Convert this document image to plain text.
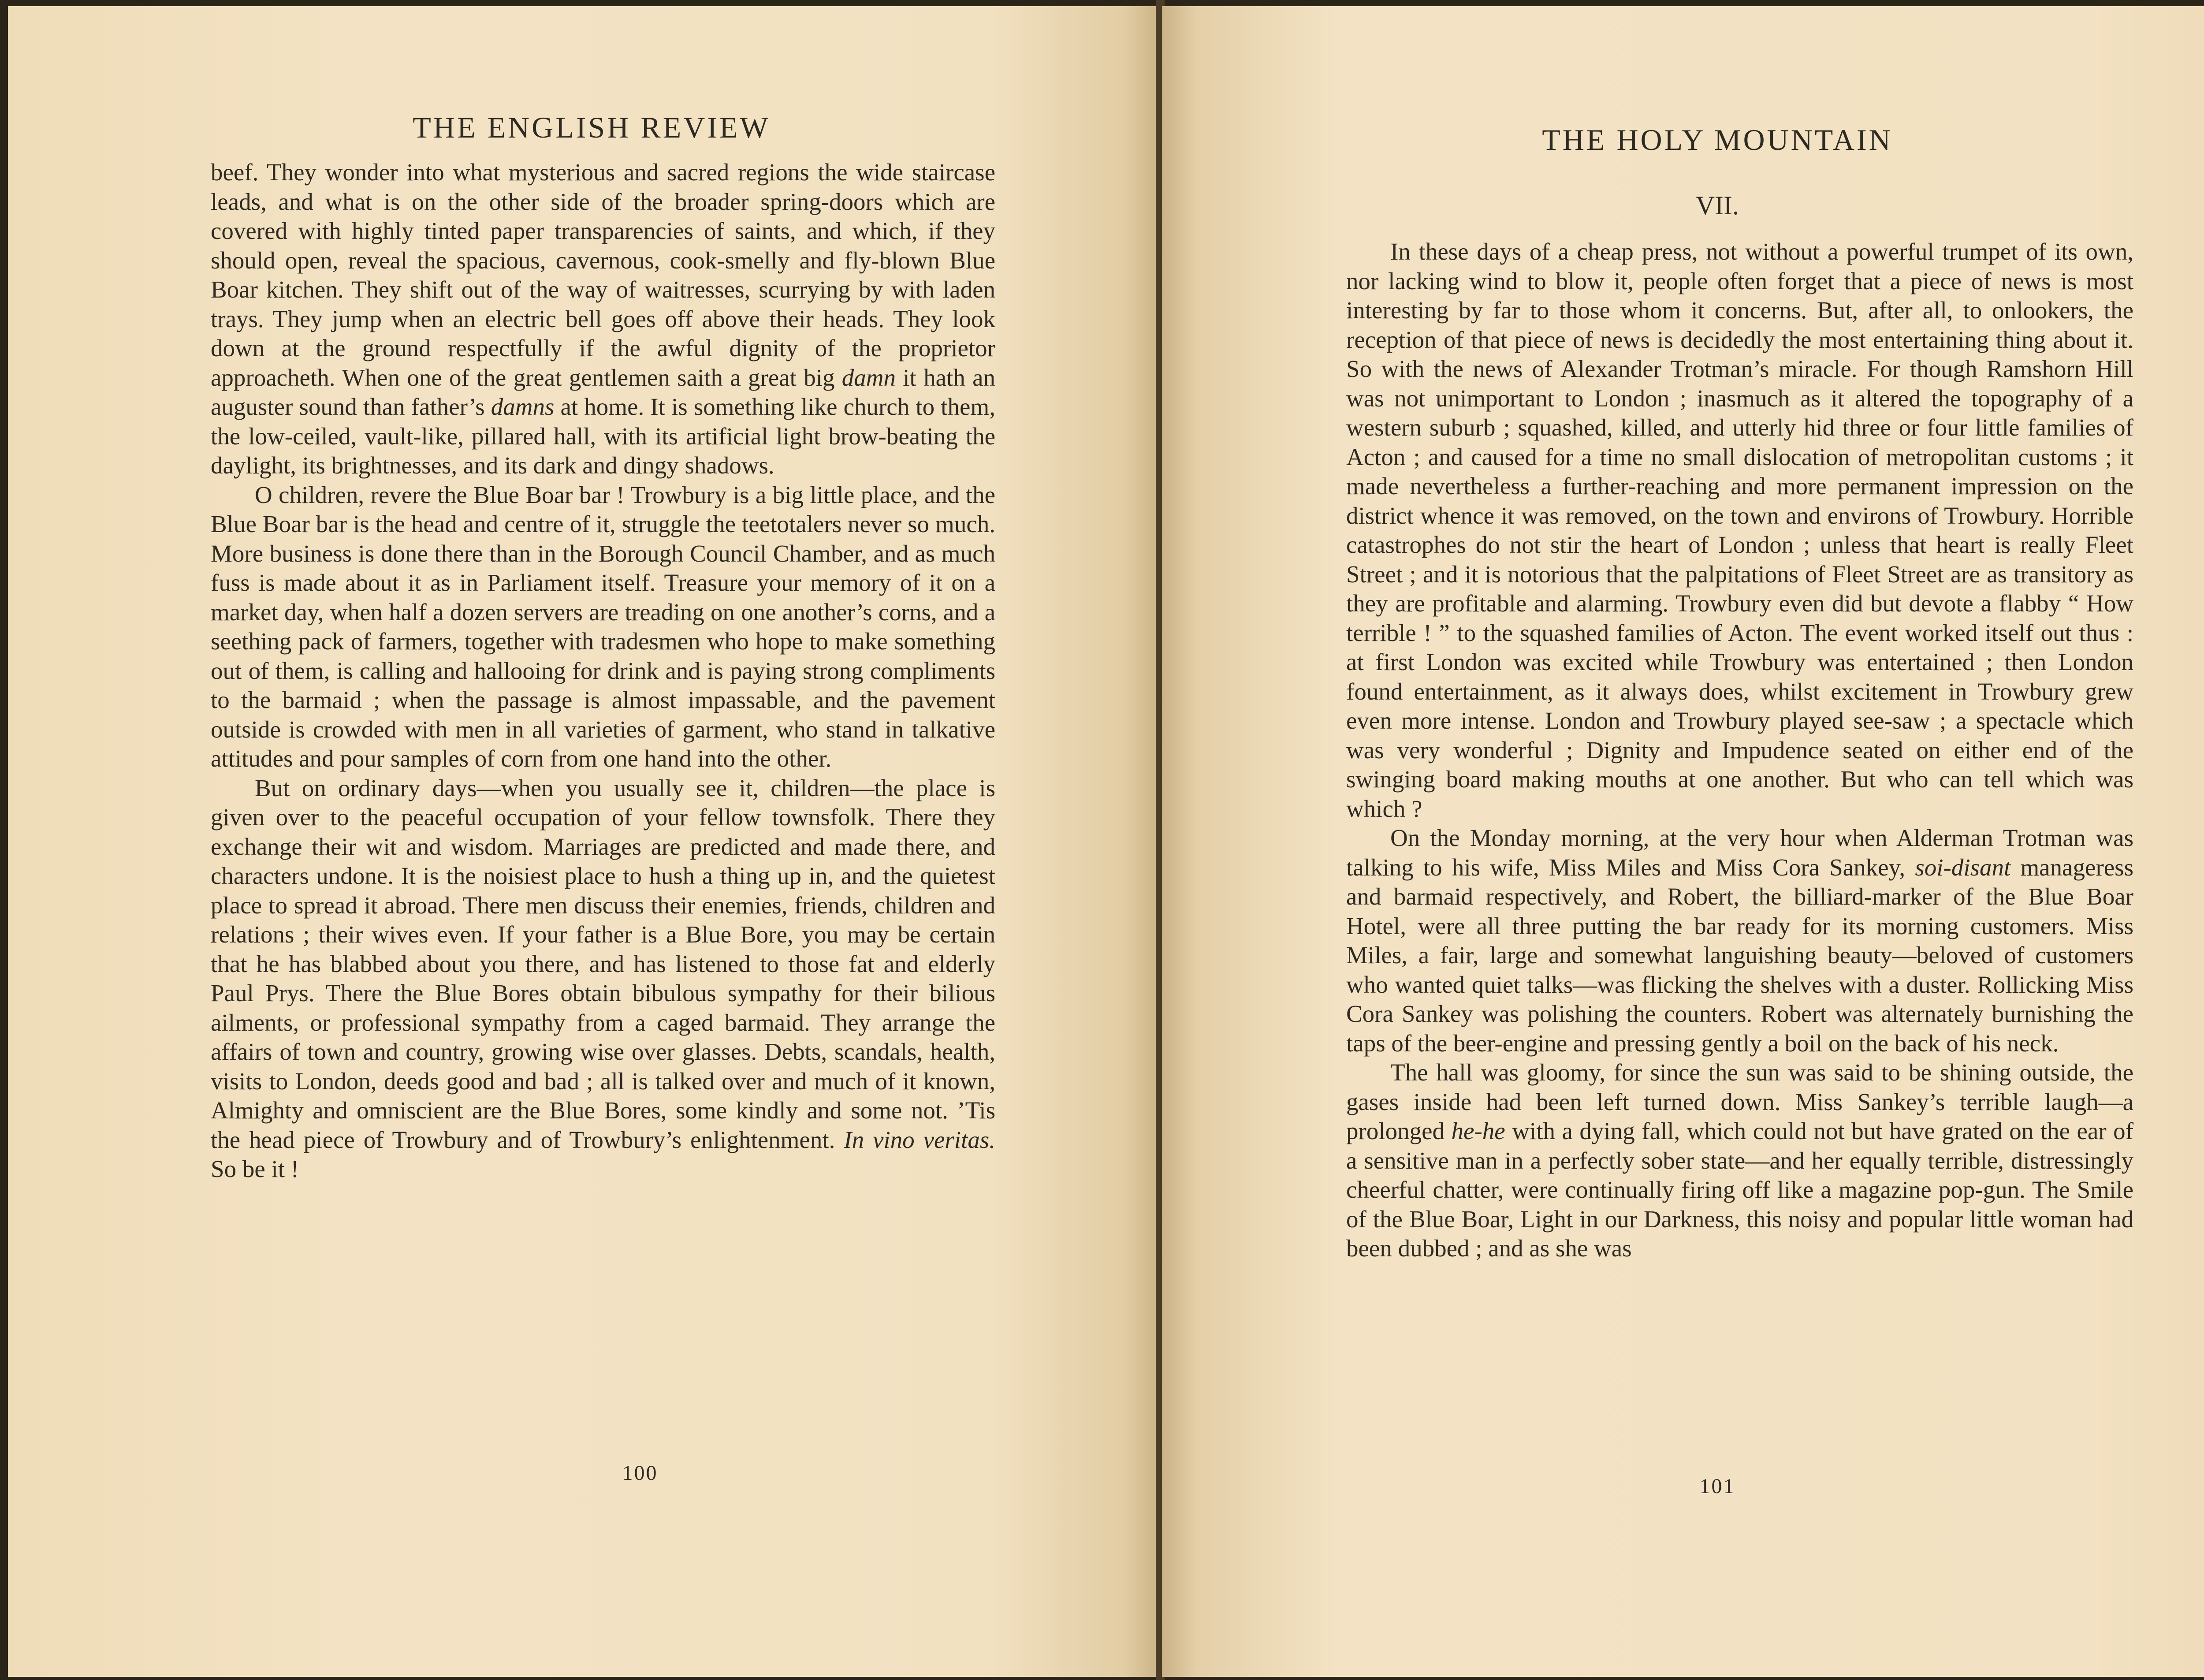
THE ENGLISH REVIEW

beef. They wonder into what mysterious and sacred regions the wide staircase leads, and what is on the other side of the broader spring-doors which are covered with highly tinted paper transparencies of saints, and which, if they should open, reveal the spacious, cavernous, cook-smelly and fly-blown Blue Boar kitchen. They shift out of the way of waitresses, scurrying by with laden trays. They jump when an electric bell goes off above their heads. They look down at the ground respectfully if the awful dignity of the proprietor approacheth. When one of the great gentlemen saith a great big damn it hath an auguster sound than father’s damns at home. It is something like church to them, the low-ceiled, vault-like, pillared hall, with its artificial light brow-beating the daylight, its brightnesses, and its dark and dingy shadows.

O children, revere the Blue Boar bar ! Trowbury is a big little place, and the Blue Boar bar is the head and centre of it, struggle the teetotalers never so much. More business is done there than in the Borough Council Chamber, and as much fuss is made about it as in Parliament itself. Treasure your memory of it on a market day, when half a dozen servers are treading on one another’s corns, and a seething pack of farmers, together with tradesmen who hope to make something out of them, is calling and hallooing for drink and is paying strong compliments to the barmaid ; when the passage is almost impassable, and the pavement outside is crowded with men in all varieties of garment, who stand in talkative attitudes and pour samples of corn from one hand into the other.

But on ordinary days—when you usually see it, children—the place is given over to the peaceful occupation of your fellow townsfolk. There they exchange their wit and wisdom. Marriages are predicted and made there, and characters undone. It is the noisiest place to hush a thing up in, and the quietest place to spread it abroad. There men discuss their enemies, friends, children and relations ; their wives even. If your father is a Blue Bore, you may be certain that he has blabbed about you there, and has listened to those fat and elderly Paul Prys. There the Blue Bores obtain bibulous sympathy for their bilious ailments, or professional sympathy from a caged barmaid. They arrange the affairs of town and country, growing wise over glasses. Debts, scandals, health, visits to London, deeds good and bad ; all is talked over and much of it known, Almighty and omniscient are the Blue Bores, some kindly and some not. ’Tis the head piece of Trowbury and of Trowbury’s enlightenment. In vino veritas. So be it !

100
THE HOLY MOUNTAIN
VII.

In these days of a cheap press, not without a powerful trumpet of its own, nor lacking wind to blow it, people often forget that a piece of news is most interesting by far to those whom it concerns. But, after all, to onlookers, the reception of that piece of news is decidedly the most entertaining thing about it. So with the news of Alexander Trotman’s miracle. For though Ramshorn Hill was not unimportant to London ; inasmuch as it altered the topography of a western suburb ; squashed, killed, and utterly hid three or four little families of Acton ; and caused for a time no small dislocation of metropolitan customs ; it made nevertheless a further-reaching and more permanent impression on the district whence it was removed, on the town and environs of Trowbury. Horrible catastrophes do not stir the heart of London ; unless that heart is really Fleet Street ; and it is notorious that the palpitations of Fleet Street are as transitory as they are profitable and alarming. Trowbury even did but devote a flabby “ How terrible ! ” to the squashed families of Acton. The event worked itself out thus : at first London was excited while Trowbury was entertained ; then London found entertainment, as it always does, whilst excitement in Trowbury grew even more intense. London and Trowbury played see-saw ; a spectacle which was very wonderful ; Dignity and Impudence seated on either end of the swinging board making mouths at one another. But who can tell which was which ?

On the Monday morning, at the very hour when Alderman Trotman was talking to his wife, Miss Miles and Miss Cora Sankey, soi-disant manageress and barmaid respectively, and Robert, the billiard-marker of the Blue Boar Hotel, were all three putting the bar ready for its morning customers. Miss Miles, a fair, large and somewhat languishing beauty—beloved of customers who wanted quiet talks—was flicking the shelves with a duster. Rollicking Miss Cora Sankey was polishing the counters. Robert was alternately burnishing the taps of the beer-engine and pressing gently a boil on the back of his neck.

The hall was gloomy, for since the sun was said to be shining outside, the gases inside had been left turned down. Miss Sankey’s terrible laugh—a prolonged he-he with a dying fall, which could not but have grated on the ear of a sensitive man in a perfectly sober state—and her equally terrible, distressingly cheerful chatter, were continually firing off like a magazine pop-gun. The Smile of the Blue Boar, Light in our Darkness, this noisy and popular little woman had been dubbed ; and as she was

101
